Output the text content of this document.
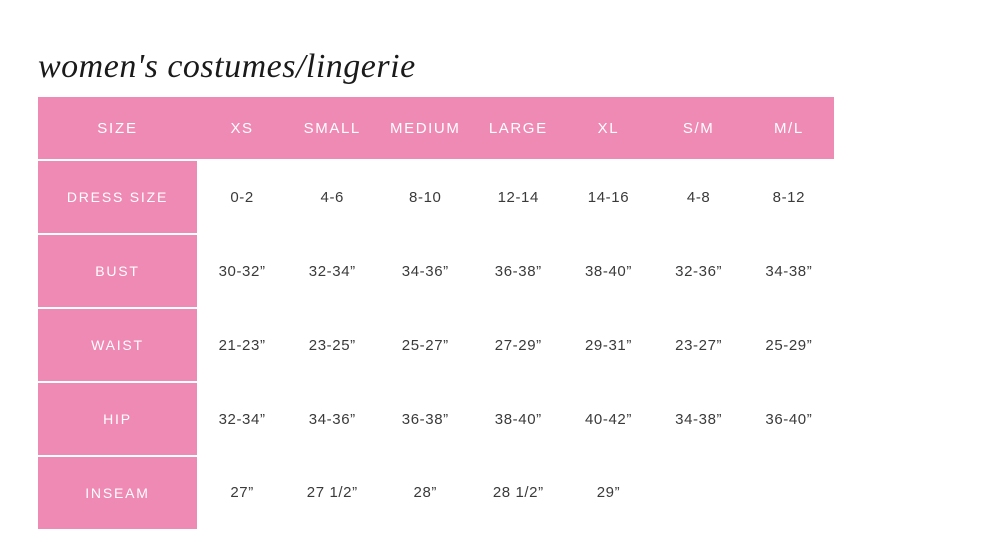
women's costumes/lingerie
SIZE	XS	SMALL	MEDIUM	LARGE	XL	S/M	M/L

DRESS SIZE	0-2	4-6	8-10	12-14	14-16	4-8	8-12
BUST	30-32”	32-34”	34-36”	36-38”	38-40”	32-36”	34-38”
WAIST	21-23”	23-25”	25-27”	27-29”	29-31”	23-27”	25-29”
HIP	32-34”	34-36”	36-38”	38-40”	40-42”	34-38”	36-40”
INSEAM	27”	27 1/2”	28”	28 1/2”	29”		
